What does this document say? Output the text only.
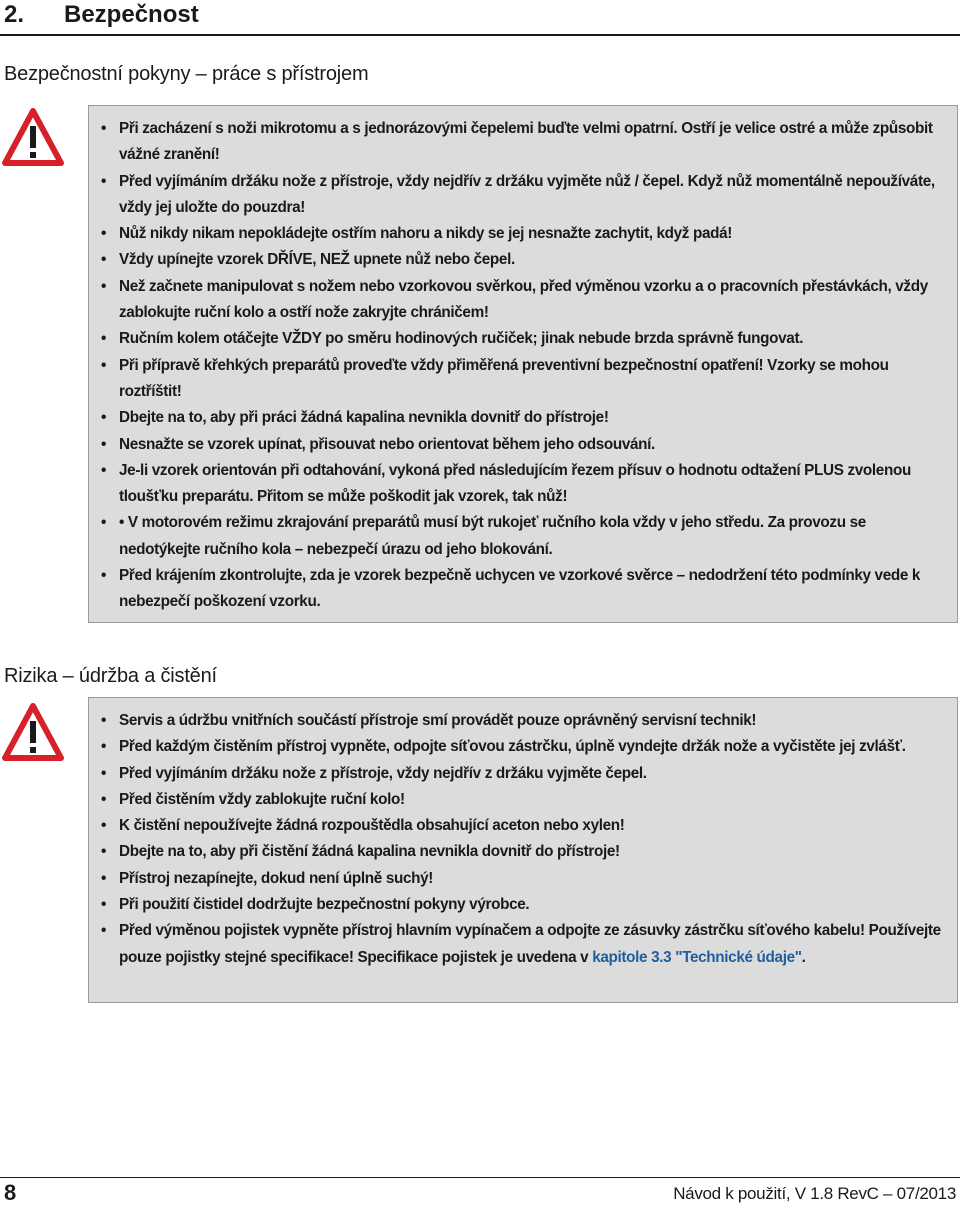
2. Bezpečnost
Bezpečnostní pokyny – práce s přístrojem
• Při zacházení s noži mikrotomu a s jednorázovými čepelemi buďte velmi opatrní. Ostří je velice ostré a může způsobit vážné zranění!
• Před vyjímáním držáku nože z přístroje, vždy nejdřív z držáku vyjměte nůž / čepel. Když nůž momentálně nepoužíváte, vždy jej uložte do pouzdra!
• Nůž nikdy nikam nepokládejte ostřím nahoru a nikdy se jej nesnažte zachytit, když padá!
• Vždy upínejte vzorek DŘÍVE, NEŽ upnete nůž nebo čepel.
• Než začnete manipulovat s nožem nebo vzorkovou svěrkou, před výměnou vzorku a o pracovních přestávkách, vždy zablokujte ruční kolo a ostří nože zakryjte chráničem!
• Ručním kolem otáčejte VŽDY po směru hodinových ručiček; jinak nebude brzda správně fungovat.
• Při přípravě křehkých preparátů proveďte vždy přiměřená preventivní bezpečnostní opatření! Vzorky se mohou roztříštit!
• Dbejte na to, aby při práci žádná kapalina nevnikla dovnitř do přístroje!
• Nesnažte se vzorek upínat, přisouvat nebo orientovat během jeho odsouvání.
• Je-li vzorek orientován při odtahování, vykoná před následujícím řezem přísuv o hodnotu odtažení PLUS zvolenou tloušťku preparátu. Přitom se může poškodit jak vzorek, tak nůž!
• • V motorovém režimu zkrajování preparátů musí být rukojeť ručního kola vždy v jeho středu. Za provozu se nedotýkejte ručního kola – nebezpečí úrazu od jeho blokování.
• Před krájením zkontrolujte, zda je vzorek bezpečně uchycen ve vzorkové svěrce – nedodržení této podmínky vede k nebezpečí poškození vzorku.
Rizika – údržba a čistění
• Servis a údržbu vnitřních součástí přístroje smí provádět pouze oprávněný servisní technik!
• Před každým čistěním přístroj vypněte, odpojte síťovou zástrčku, úplně vyndejte držák nože a vyčistěte jej zvlášť.
• Před vyjímáním držáku nože z přístroje, vždy nejdřív z držáku vyjměte čepel.
• Před čistěním vždy zablokujte ruční kolo!
• K čistění nepoužívejte žádná rozpouštědla obsahující aceton nebo xylen!
• Dbejte na to, aby při čistění žádná kapalina nevnikla dovnitř do přístroje!
• Přístroj nezapínejte, dokud není úplně suchý!
• Při použití čistidel dodržujte bezpečnostní pokyny výrobce.
• Před výměnou pojistek vypněte přístroj hlavním vypínačem a odpojte ze zásuvky zástrčku síťového kabelu! Používejte pouze pojistky stejné specifikace! Specifikace pojistek je uvedena v kapitole 3.3 "Technické údaje".
8	Návod k použití, V 1.8 RevC – 07/2013
